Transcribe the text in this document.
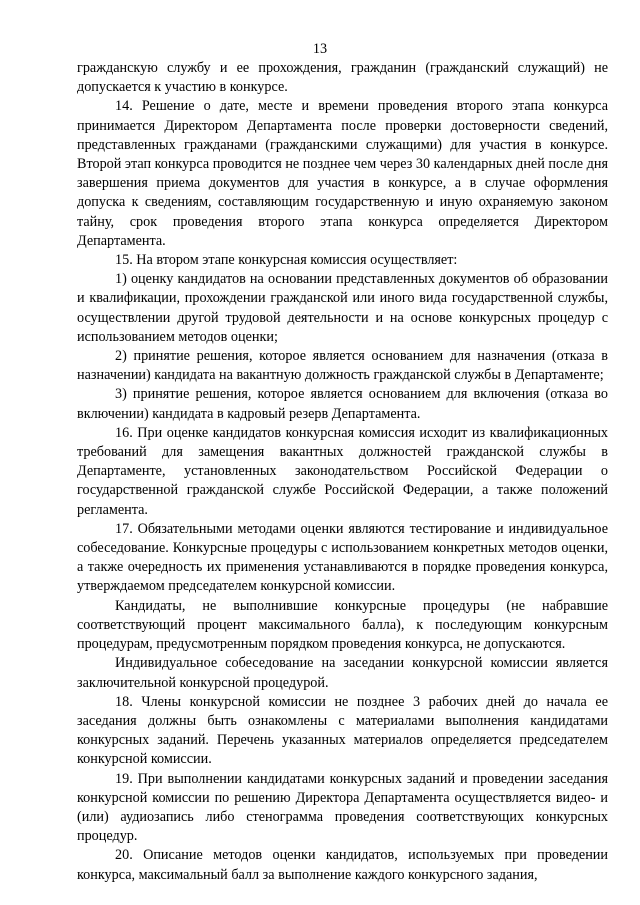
13

гражданскую службу и ее прохождения, гражданин (гражданский служащий) не допускается к участию в конкурсе.

14. Решение о дате, месте и времени проведения второго этапа конкурса принимается Директором Департамента после проверки достоверности сведений, представленных гражданами (гражданскими служащими) для участия в конкурсе. Второй этап конкурса проводится не позднее чем через 30 календарных дней после дня завершения приема документов для участия в конкурсе, а в случае оформления допуска к сведениям, составляющим государственную и иную охраняемую законом тайну, срок проведения второго этапа конкурса определяется Директором Департамента.

15. На втором этапе конкурсная комиссия осуществляет:

1) оценку кандидатов на основании представленных документов об образовании и квалификации, прохождении гражданской или иного вида государственной службы, осуществлении другой трудовой деятельности и на основе конкурсных процедур с использованием методов оценки;

2) принятие решения, которое является основанием для назначения (отказа в назначении) кандидата на вакантную должность гражданской службы в Департаменте;

3) принятие решения, которое является основанием для включения (отказа во включении) кандидата в кадровый резерв Департамента.

16. При оценке кандидатов конкурсная комиссия исходит из квалификационных требований для замещения вакантных должностей гражданской службы в Департаменте, установленных законодательством Российской Федерации о государственной гражданской службе Российской Федерации, а также положений регламента.

17. Обязательными методами оценки являются тестирование и индивидуальное собеседование. Конкурсные процедуры с использованием конкретных методов оценки, а также очередность их применения устанавливаются в порядке проведения конкурса, утверждаемом председателем конкурсной комиссии.

Кандидаты, не выполнившие конкурсные процедуры (не набравшие соответствующий процент максимального балла), к последующим конкурсным процедурам, предусмотренным порядком проведения конкурса, не допускаются.

Индивидуальное собеседование на заседании конкурсной комиссии является заключительной конкурсной процедурой.

18. Члены конкурсной комиссии не позднее 3 рабочих дней до начала ее заседания должны быть ознакомлены с материалами выполнения кандидатами конкурсных заданий. Перечень указанных материалов определяется председателем конкурсной комиссии.

19. При выполнении кандидатами конкурсных заданий и проведении заседания конкурсной комиссии по решению Директора Департамента осуществляется видео- и (или) аудиозапись либо стенограмма проведения соответствующих конкурсных процедур.

20. Описание методов оценки кандидатов, используемых при проведении конкурса, максимальный балл за выполнение каждого конкурсного задания,
